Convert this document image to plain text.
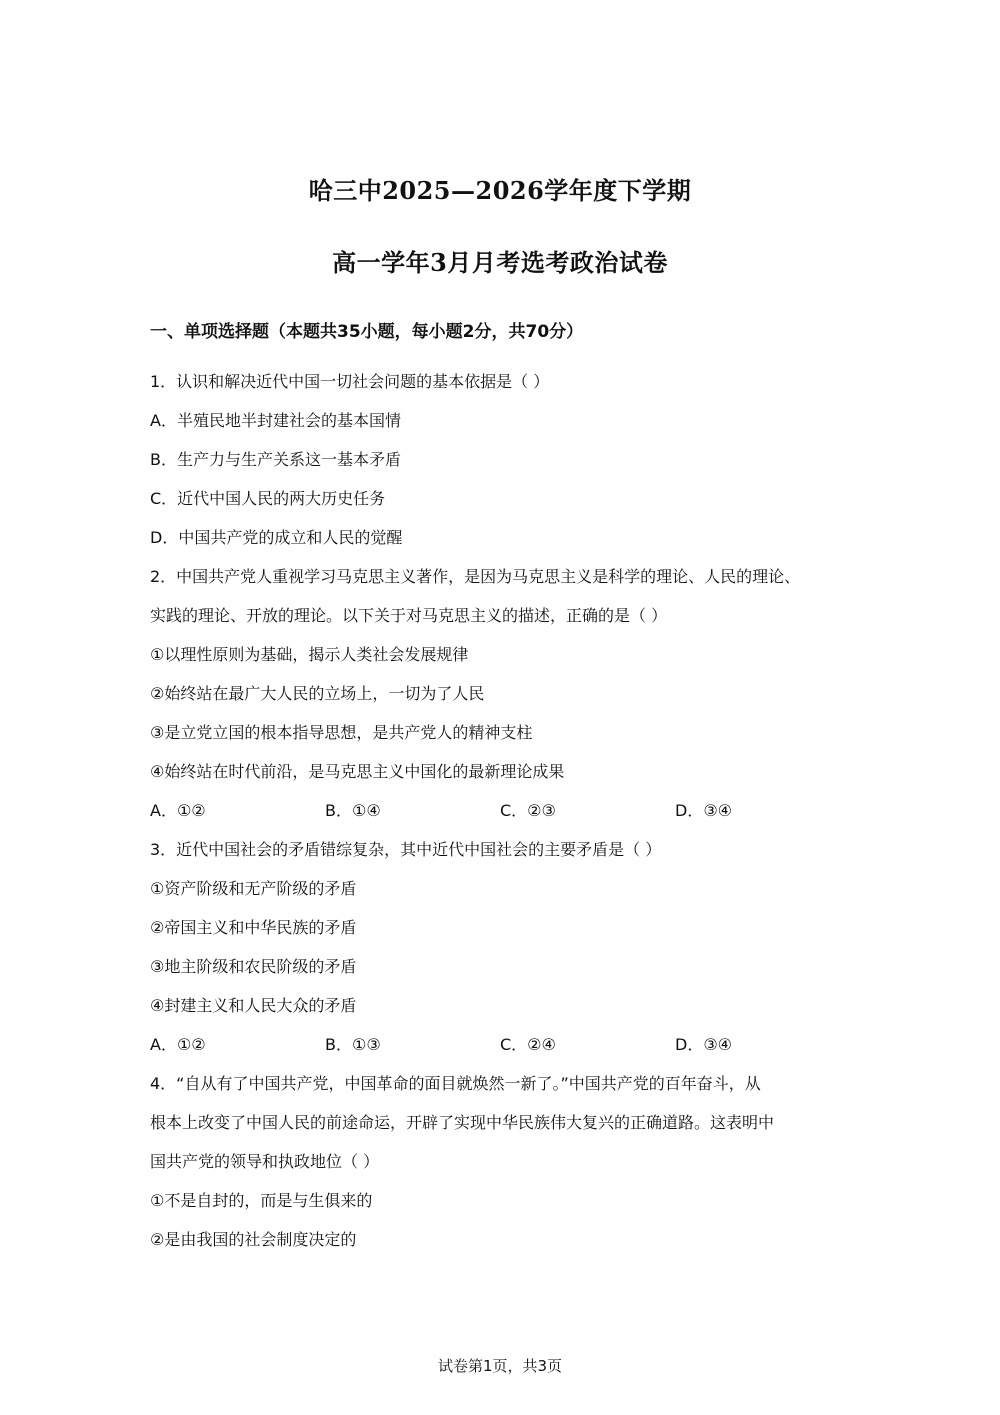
哈三中2025—2026学年度下学期
高一学年3月月考选考政治试卷
一、单项选择题（本题共35小题，每小题2分，共70分）
1．认识和解决近代中国一切社会问题的基本依据是（ ）
A．半殖民地半封建社会的基本国情
B．生产力与生产关系这一基本矛盾
C．近代中国人民的两大历史任务
D．中国共产党的成立和人民的觉醒
2．中国共产党人重视学习马克思主义著作，是因为马克思主义是科学的理论、人民的理论、
实践的理论、开放的理论。以下关于对马克思主义的描述，正确的是（ ）
①以理性原则为基础，揭示人类社会发展规律
②始终站在最广大人民的立场上，一切为了人民
③是立党立国的根本指导思想，是共产党人的精神支柱
④始终站在时代前沿，是马克思主义中国化的最新理论成果
A．①②	B．①④	C．②③	D．③④
3．近代中国社会的矛盾错综复杂，其中近代中国社会的主要矛盾是（ ）
①资产阶级和无产阶级的矛盾
②帝国主义和中华民族的矛盾
③地主阶级和农民阶级的矛盾
④封建主义和人民大众的矛盾
A．①②	B．①③	C．②④	D．③④
4．“自从有了中国共产党，中国革命的面目就焕然一新了。”中国共产党的百年奋斗，从
根本上改变了中国人民的前途命运，开辟了实现中华民族伟大复兴的正确道路。这表明中
国共产党的领导和执政地位（ ）
①不是自封的，而是与生俱来的
②是由我国的社会制度决定的
试卷第1页，共3页
